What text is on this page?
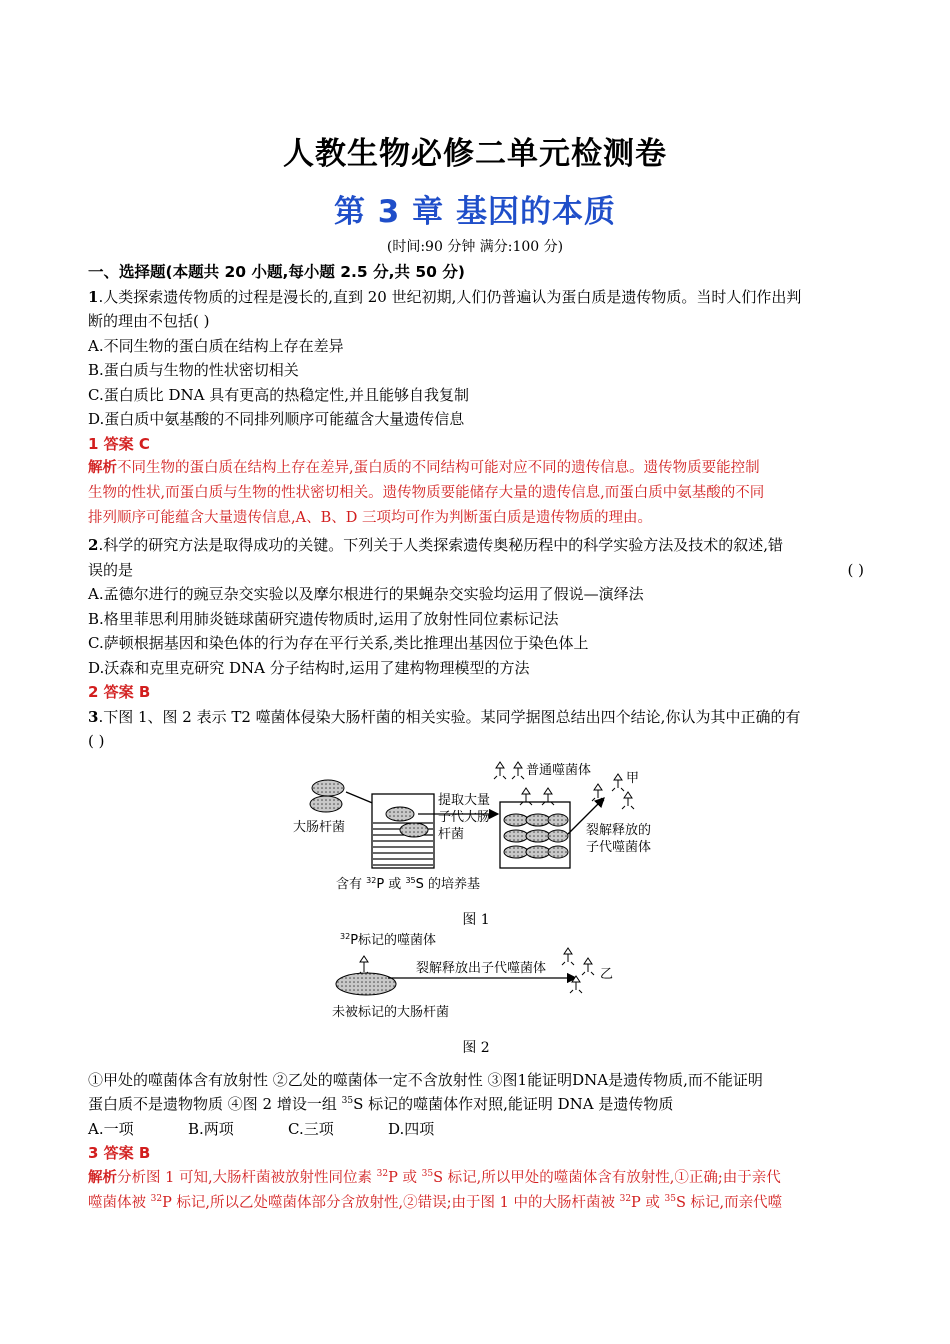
人教生物必修二单元检测卷
第 3 章 基因的本质
(时间:90 分钟 满分:100 分)

一、选择题(本题共 20 小题,每小题 2.5 分,共 50 分)

1.人类探索遗传物质的过程是漫长的,直到 20 世纪初期,人们仍普遍认为蛋白质是遗传物质。当时人们作出判

断的理由不包括( )

A.不同生物的蛋白质在结构上存在差异

B.蛋白质与生物的性状密切相关

C.蛋白质比 DNA 具有更高的热稳定性,并且能够自我复制

D.蛋白质中氨基酸的不同排列顺序可能蕴含大量遗传信息

1 答案 C

解析不同生物的蛋白质在结构上存在差异,蛋白质的不同结构可能对应不同的遗传信息。遗传物质要能控制
生物的性状,而蛋白质与生物的性状密切相关。遗传物质要能储存大量的遗传信息,而蛋白质中氨基酸的不同
排列顺序可能蕴含大量遗传信息,A、B、D 三项均可作为判断蛋白质是遗传物质的理由。

2.科学的研究方法是取得成功的关键。下列关于人类探索遗传奥秘历程中的科学实验方法及技术的叙述,错

误的是	( )

A.孟德尔进行的豌豆杂交实验以及摩尔根进行的果蝇杂交实验均运用了假说—演绎法

B.格里菲思利用肺炎链球菌研究遗传物质时,运用了放射性同位素标记法

C.萨顿根据基因和染色体的行为存在平行关系,类比推理出基因位于染色体上

D.沃森和克里克研究 DNA 分子结构时,运用了建构物理模型的方法

2 答案 B

3.下图 1、图 2 表示 T2 噬菌体侵染大肠杆菌的相关实验。某同学据图总结出四个结论,你认为其中正确的有

( )

大肠杆菌
提取大量
子代大肠
杆菌
普通噬菌体
甲
裂解释放的
子代噬菌体
含有 $^{32}$P 或 $^{35}$S 的培养基
图 1
$^{32}$P标记的噬菌体
裂解释放出子代噬菌体	乙
未被标记的大肠杆菌
图 2

①甲处的噬菌体含有放射性 ②乙处的噬菌体一定不含放射性 ③图1能证明DNA是遗传物质,而不能证明

蛋白质不是遗物物质 ④图 2 增设一组 $^{35}$S 标记的噬菌体作对照,能证明 DNA 是遗传物质

A.一项	B.两项	C.三项	D.四项

3 答案 B

解析分析图 1 可知,大肠杆菌被放射性同位素 $^{32}$P 或 $^{35}$S 标记,所以甲处的噬菌体含有放射性,①正确;由于亲代
噬菌体被 $^{32}$P 标记,所以乙处噬菌体部分含放射性,②错误;由于图 1 中的大肠杆菌被 $^{32}$P 或 $^{35}$S 标记,而亲代噬
